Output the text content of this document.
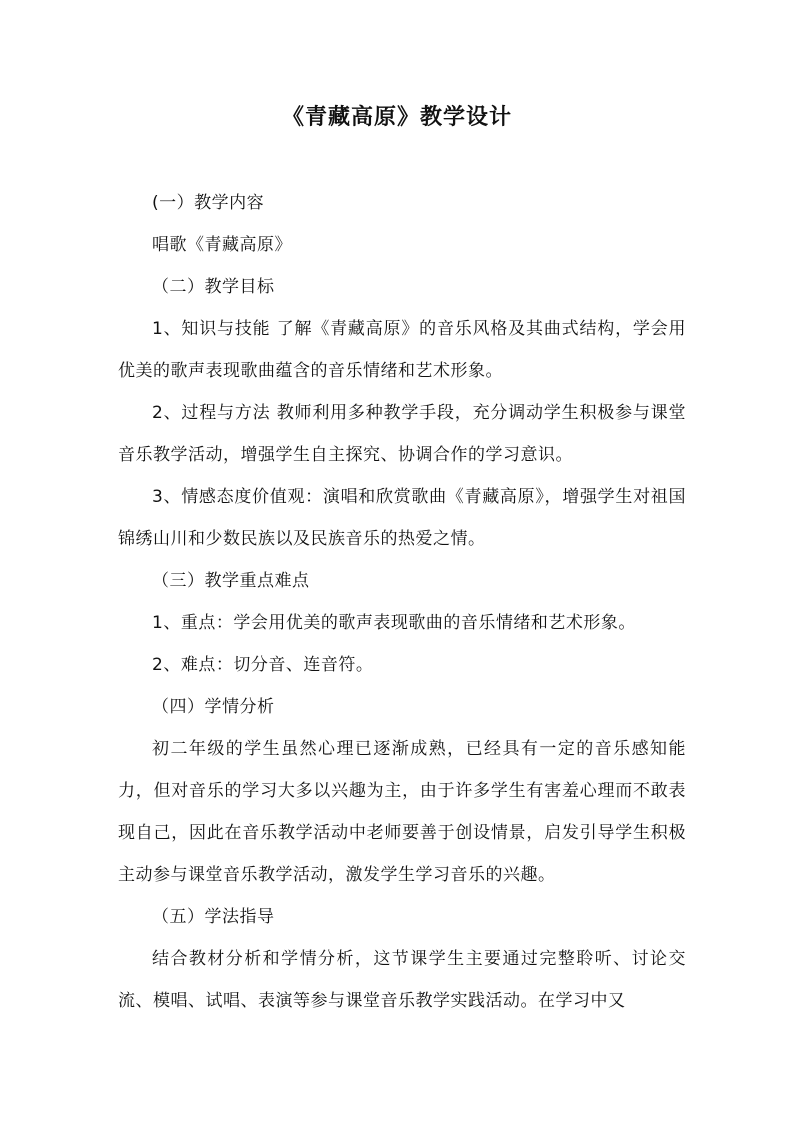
《青藏高原》教学设计

(一）教学内容

唱歌《青藏高原》

（二）教学目标

1、知识与技能 了解《青藏高原》的音乐风格及其曲式结构，学会用优美的歌声表现歌曲蕴含的音乐情绪和艺术形象。

2、过程与方法 教师利用多种教学手段，充分调动学生积极参与课堂音乐教学活动，增强学生自主探究、协调合作的学习意识。

3、情感态度价值观：演唱和欣赏歌曲《青藏高原》，增强学生对祖国锦绣山川和少数民族以及民族音乐的热爱之情。

（三）教学重点难点

1、重点：学会用优美的歌声表现歌曲的音乐情绪和艺术形象。

2、难点：切分音、连音符。

（四）学情分析

初二年级的学生虽然心理已逐渐成熟，已经具有一定的音乐感知能力，但对音乐的学习大多以兴趣为主，由于许多学生有害羞心理而不敢表现自己，因此在音乐教学活动中老师要善于创设情景，启发引导学生积极主动参与课堂音乐教学活动，激发学生学习音乐的兴趣。

（五）学法指导

结合教材分析和学情分析，这节课学生主要通过完整聆听、讨论交流、模唱、试唱、表演等参与课堂音乐教学实践活动。在学习中又
